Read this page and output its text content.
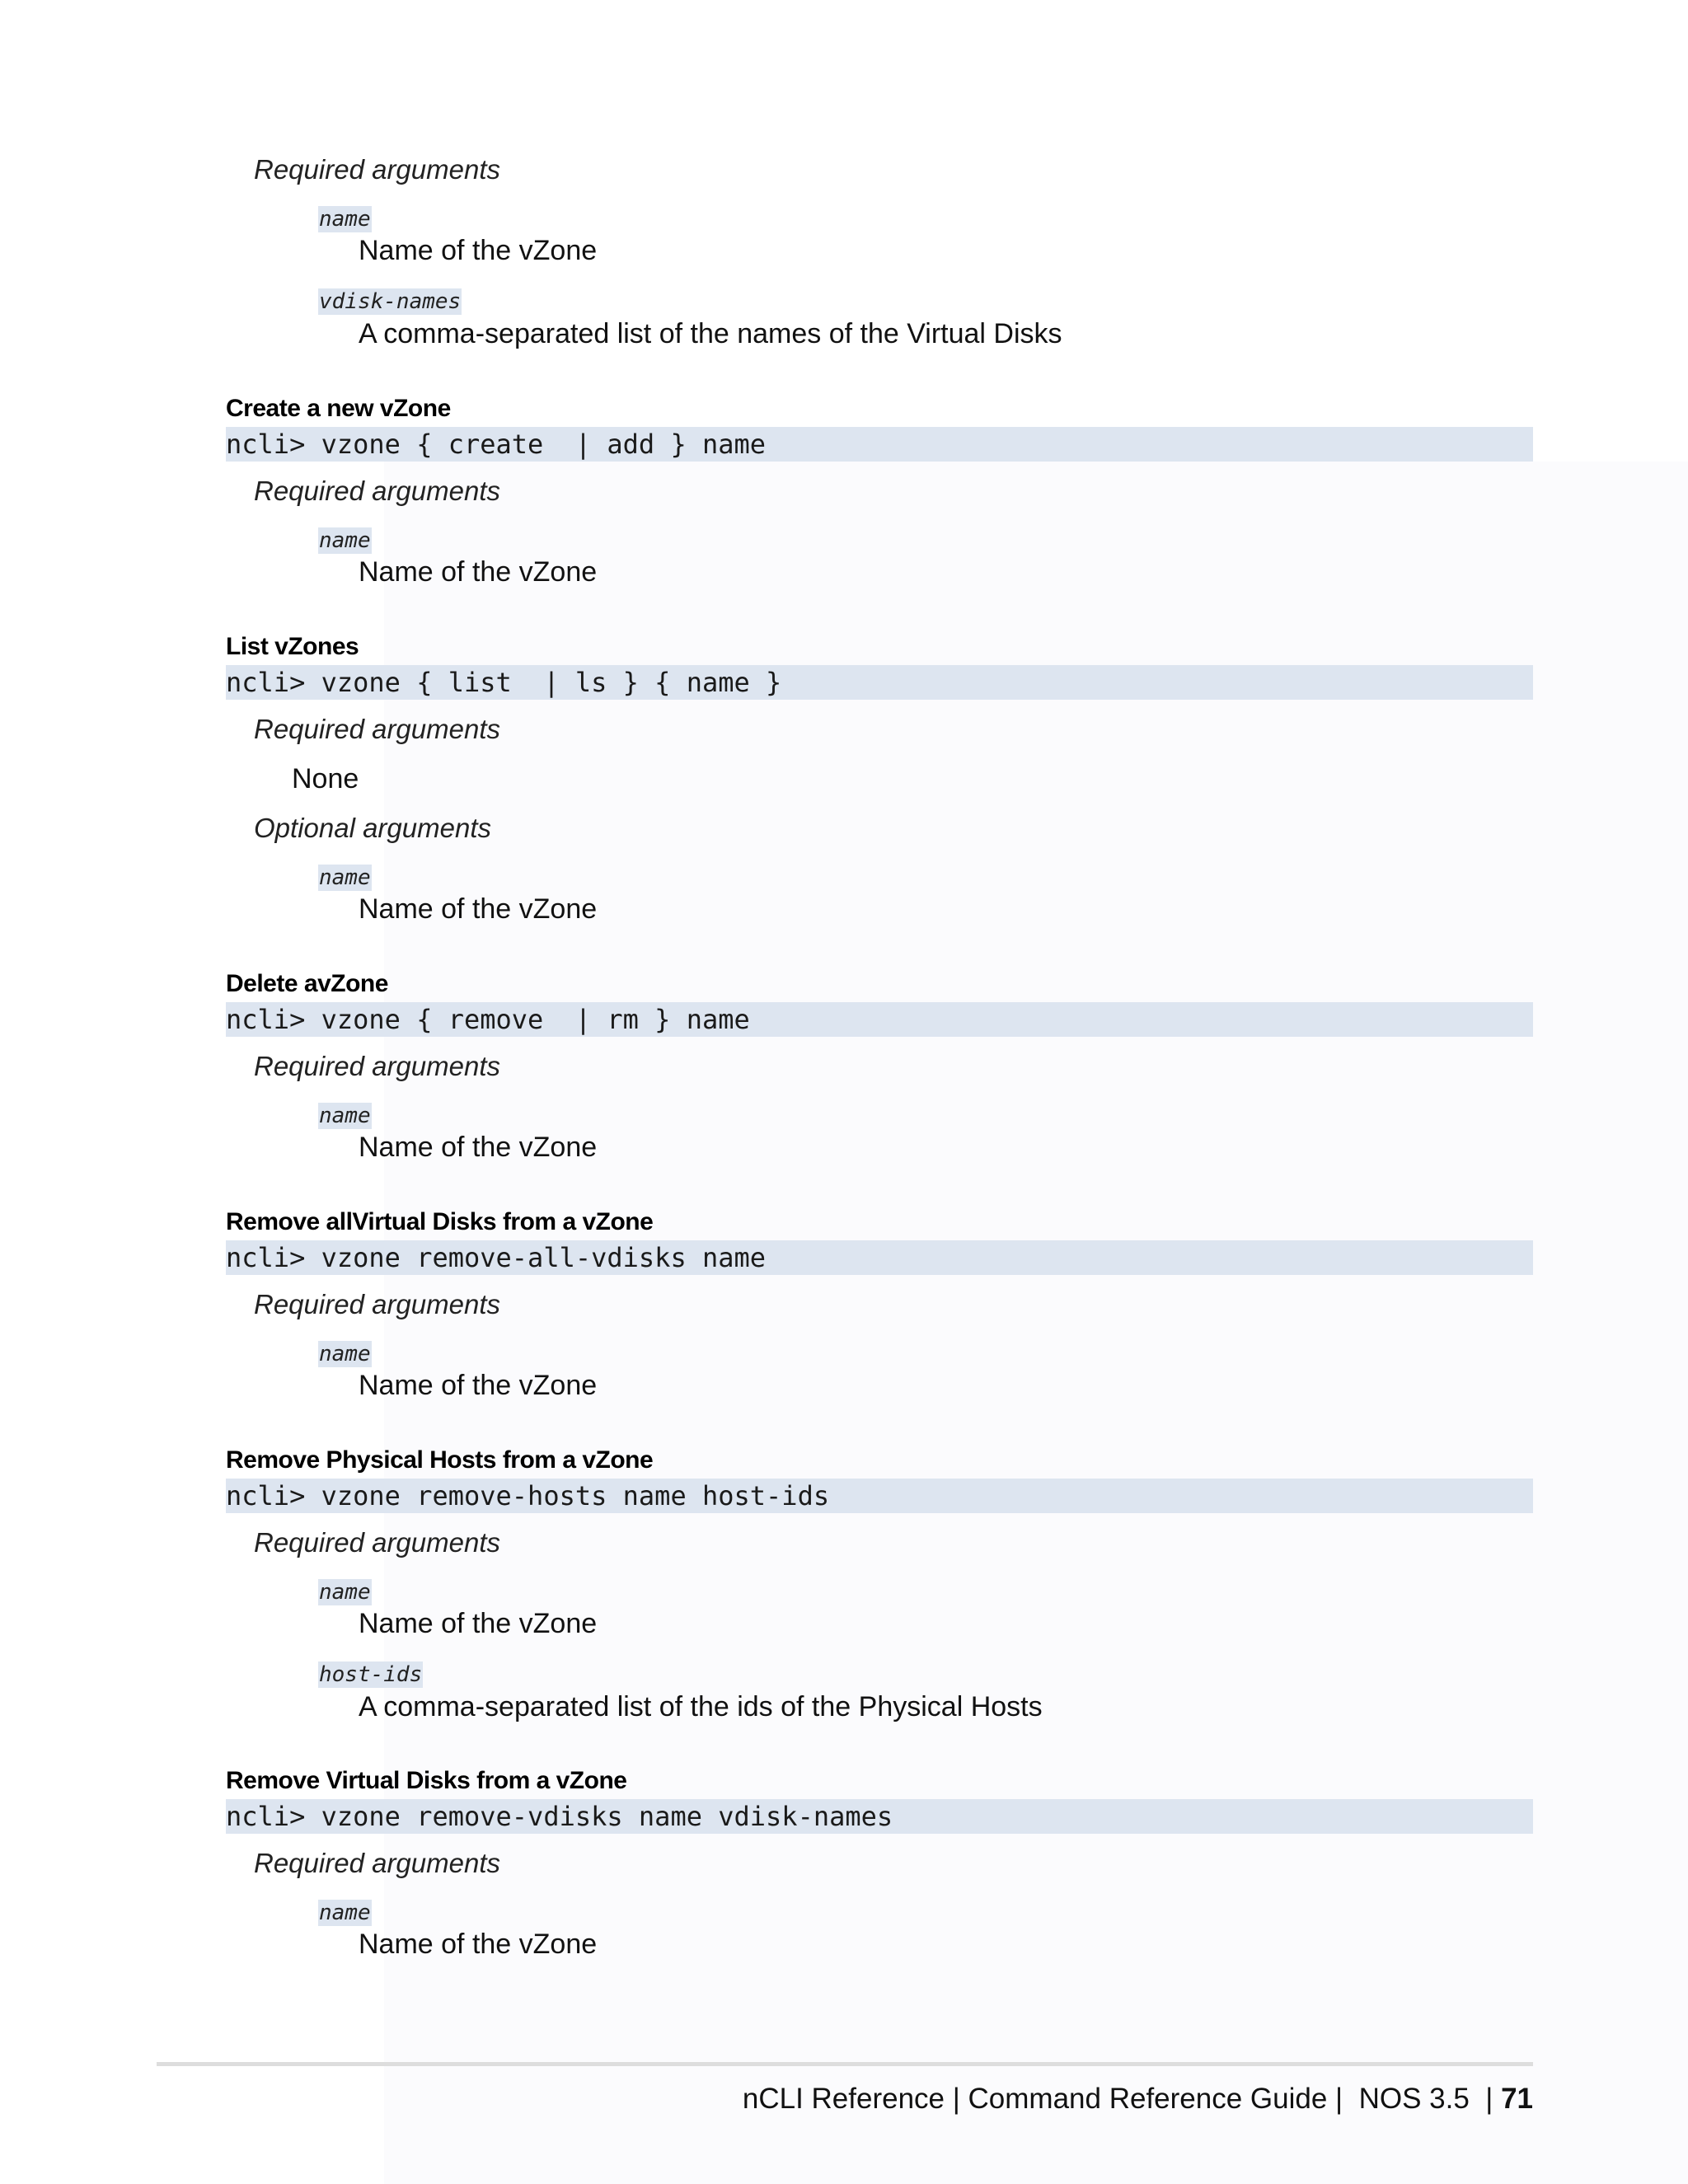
Required arguments
name
Name of the vZone
vdisk-names
A comma-separated list of the names of the Virtual Disks
Create a new vZone
ncli> vzone { create  | add } name
Required arguments
name
Name of the vZone
List vZones
ncli> vzone { list  | ls } { name }
Required arguments
None
Optional arguments
name
Name of the vZone
Delete avZone
ncli> vzone { remove  | rm } name
Required arguments
name
Name of the vZone
Remove allVirtual Disks from a vZone
ncli> vzone remove-all-vdisks name
Required arguments
name
Name of the vZone
Remove Physical Hosts from a vZone
ncli> vzone remove-hosts name host-ids
Required arguments
name
Name of the vZone
host-ids
A comma-separated list of the ids of the Physical Hosts
Remove Virtual Disks from a vZone
ncli> vzone remove-vdisks name vdisk-names
Required arguments
name
Name of the vZone
nCLI Reference | Command Reference Guide |  NOS 3.5  | 71
